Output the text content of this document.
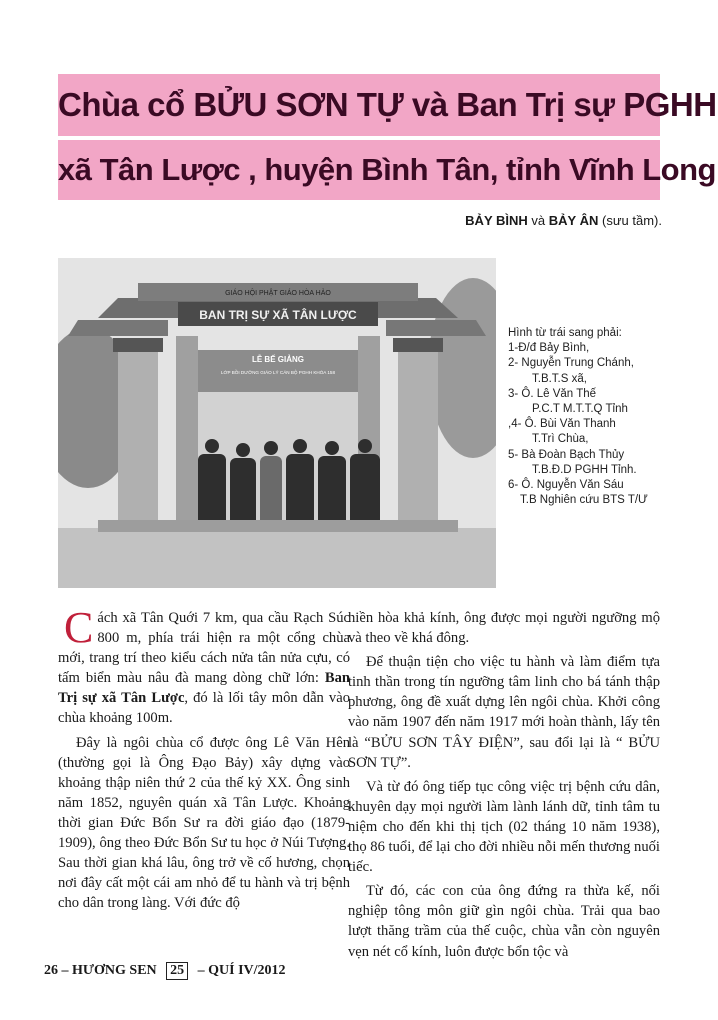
Chùa cổ BỬU SƠN TỰ và Ban Trị sự PGHH
xã Tân Lược , huyện Bình Tân, tỉnh Vĩnh Long
BẢY BÌNH và BẢY ÂN (sưu tầm).
GIÁO HỘI PHẬT GIÁO HÒA HẢO
BAN TRỊ SỰ XÃ TÂN LƯỢC
LỄ BẾ GIẢNG
LỚP BỒI DƯỠNG GIÁO LÝ CÁN BỘ PGHH KHÓA 158
Hình từ trái sang phải:
1-Đ/đ Bảy Bình,
2- Nguyễn Trung Chánh,
T.B.T.S xã,
3- Ô. Lê Văn Thế
P.C.T M.T.T.Q Tỉnh
,4- Ô. Bùi Văn Thanh
T.Trì Chùa,
5- Bà Đoàn Bạch Thủy
T.B.Đ.D PGHH Tỉnh.
6- Ô. Nguyễn Văn Sáu
T.B Nghiên cứu BTS T/Ư

Cách xã Tân Quới 7 km, qua cầu Rạch Súc 800 m, phía trái hiện ra một cổng chùa mới, trang trí theo kiểu cách nửa tân nửa cựu, có tấm biển màu nâu đà mang dòng chữ lớn: Ban Trị sự xã Tân Lược, đó là lối tây môn dẫn vào chùa khoảng 100m.

Đây là ngôi chùa cổ được ông Lê Văn Hên (thường gọi là Ông Đạo Bảy) xây dựng vào khoảng thập niên thứ 2 của thế kỷ XX. Ông sinh năm 1852, nguyên quán xã Tân Lược. Khoảng thời gian Đức Bổn Sư ra đời giáo đạo (1879- 1909), ông theo Đức Bổn Sư tu học ở Núi Tượng. Sau thời gian khá lâu, ông trở về cố hương, chọn nơi đây cất một cái am nhỏ để tu hành và trị bệnh cho dân trong làng. Với đức độ

hiền hòa khả kính, ông được mọi người ngưỡng mộ và theo về khá đông.

Để thuận tiện cho việc tu hành và làm điểm tựa tinh thần trong tín ngưỡng tâm linh cho bá tánh thập phương, ông đề xuất dựng lên ngôi chùa. Khởi công vào năm 1907 đến năm 1917 mới hoàn thành, lấy tên là “BỬU SƠN TÂY ĐIỆN”, sau đổi lại là “ BỬU SƠN TỰ”.

Và từ đó ông tiếp tục công việc trị bệnh cứu dân, khuyên dạy mọi người làm lành lánh dữ, tỉnh tâm tu niệm cho đến khi thị tịch (02 tháng 10 năm 1938), thọ 86 tuổi, để lại cho đời nhiều nỗi mến thương nuối tiếc.

Từ đó, các con của ông đứng ra thừa kế, nối nghiệp tông môn giữ gìn ngôi chùa. Trải qua bao lượt thăng trầm của thế cuộc, chùa vẫn còn nguyên vẹn nét cổ kính, luôn được bổn tộc và

26 – HƯƠNG SEN 25 – QUÍ IV/2012
